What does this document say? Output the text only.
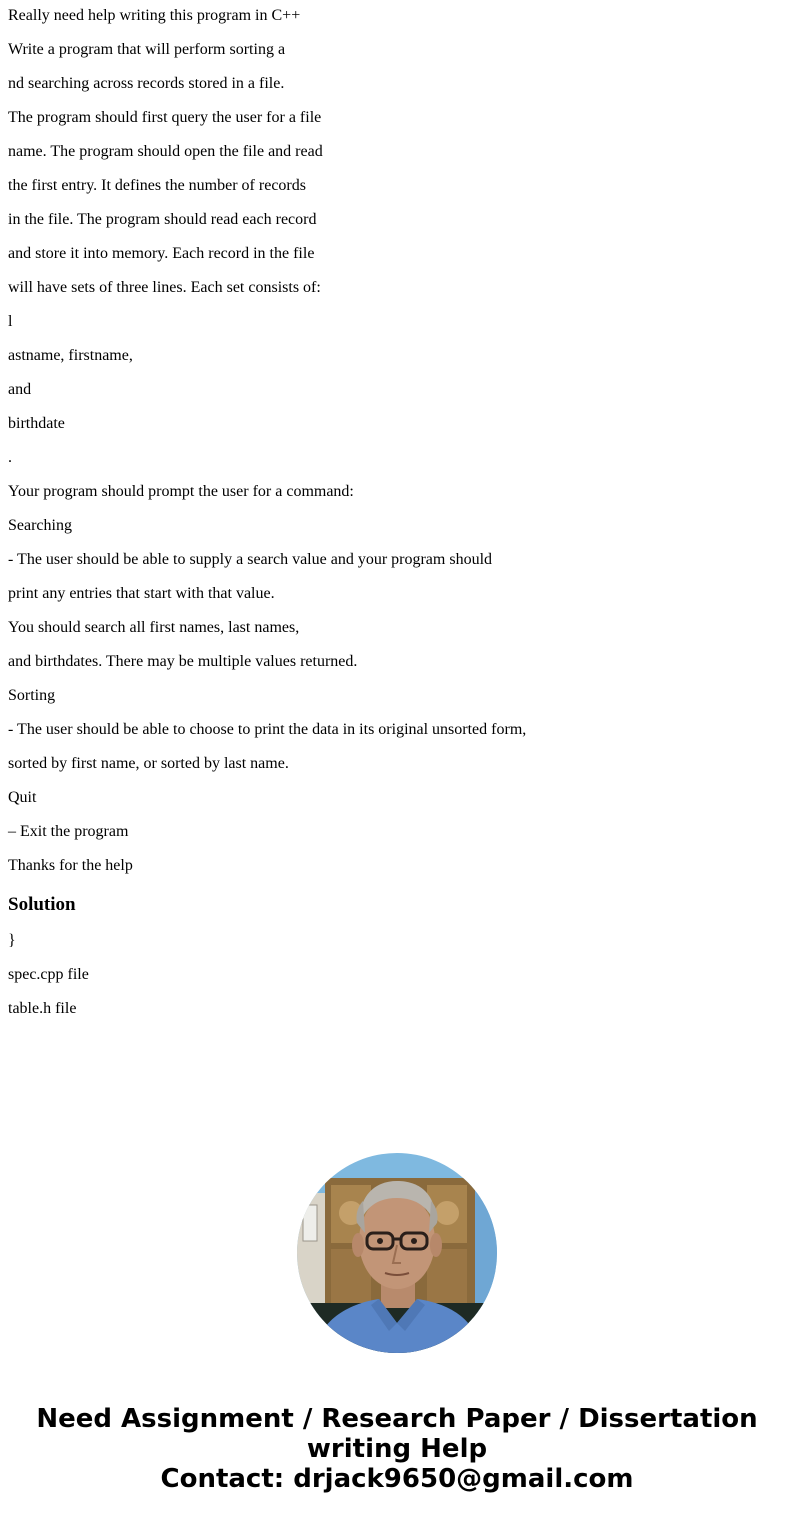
Really need help writing this program in C++

Write a program that will perform sorting a

nd searching across records stored in a file.

The program should first query the user for a file

name. The program should open the file and read

the first entry. It defines the number of records

in the file. The program should read each record

and store it into memory. Each record in the file

will have sets of three lines. Each set consists of:

l

astname, firstname,

and

birthdate

.

Your program should prompt the user for a command:

Searching

- The user should be able to supply a search value and your program should

print any entries that start with that value.

You should search all first names, last names,

and birthdates. There may be multiple values returned.

Sorting

- The user should be able to choose to print the data in its original unsorted form,

sorted by first name, or sorted by last name.

Quit

– Exit the program

Thanks for the help

Solution

}

spec.cpp file

table.h file

Need Assignment / Research Paper / Dissertation
writing Help
Contact: drjack9650@gmail.com
